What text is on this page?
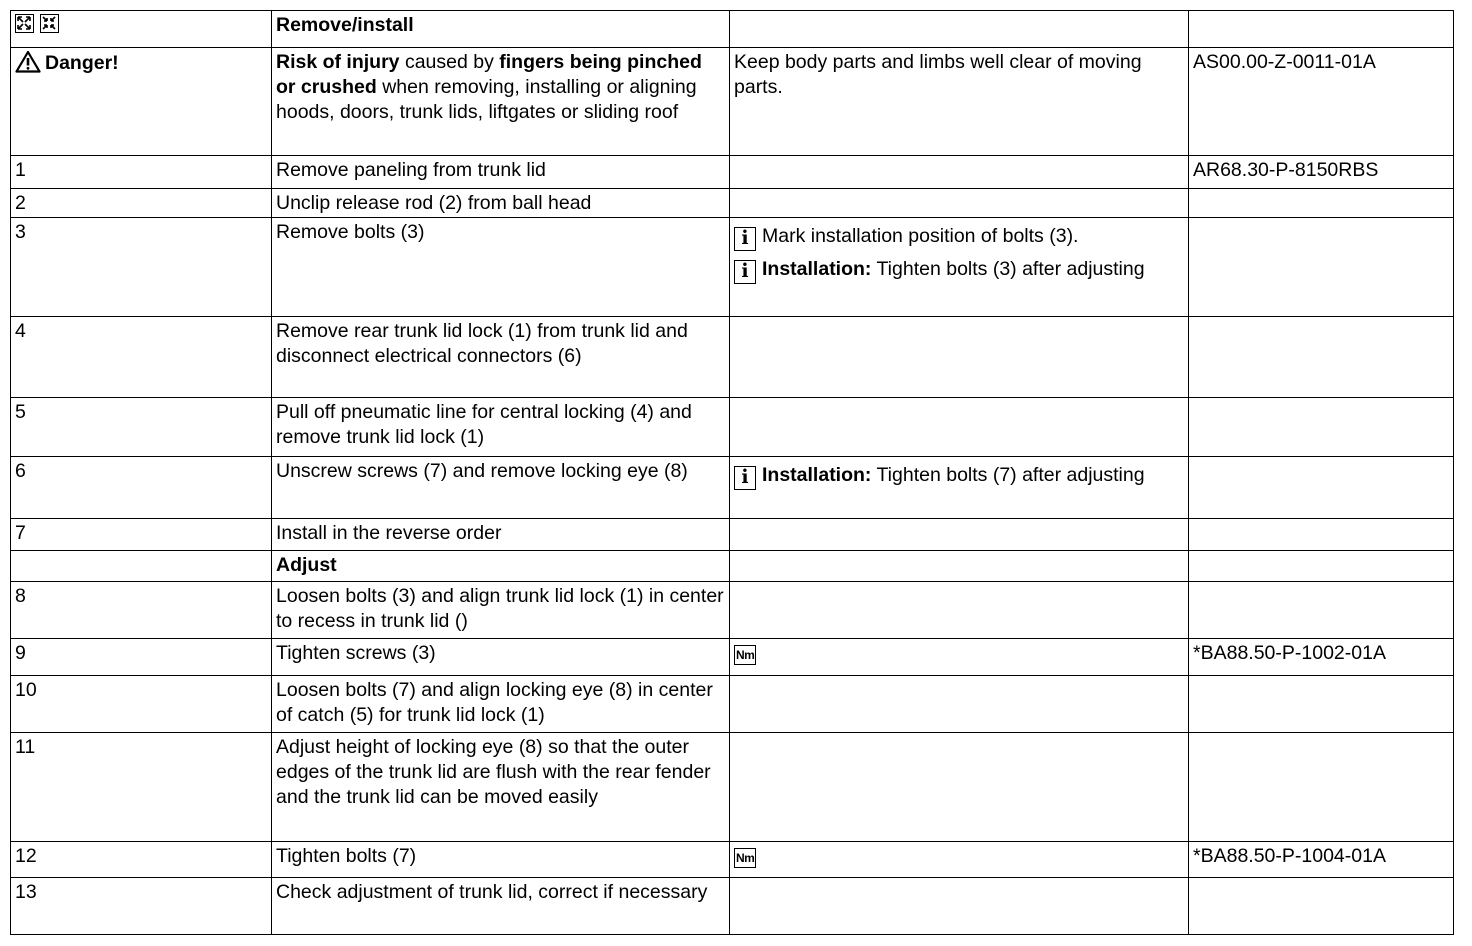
	Remove/install		
Danger!	Risk of injury caused by fingers being pinched or crushed when removing, installing or aligning hoods, doors, trunk lids, liftgates or sliding roof	Keep body parts and limbs well clear of moving parts.	AS00.00-Z-0011-01A
1	Remove paneling from trunk lid		AR68.30-P-8150RBS
2	Unclip release rod (2) from ball head		
3	Remove bolts (3)	i Mark installation position of bolts (3).
i Installation: Tighten bolts (3) after adjusting	

4	Remove rear trunk lid lock (1) from trunk lid and disconnect electrical connectors (6)		
5	Pull off pneumatic line for central locking (4) and remove trunk lid lock (1)		
6	Unscrew screws (7) and remove locking eye (8)	i Installation: Tighten bolts (7) after adjusting	

7	Install in the reverse order		
	Adjust		
8	Loosen bolts (3) and align trunk lid lock (1) in center to recess in trunk lid ()		
9	Tighten screws (3)	Nm	*BA88.50-P-1002-01A
10	Loosen bolts (7) and align locking eye (8) in center of catch (5) for trunk lid lock (1)		
11	Adjust height of locking eye (8) so that the outer edges of the trunk lid are flush with the rear fender and the trunk lid can be moved easily		
12	Tighten bolts (7)	Nm	*BA88.50-P-1004-01A
13	Check adjustment of trunk lid, correct if necessary		
